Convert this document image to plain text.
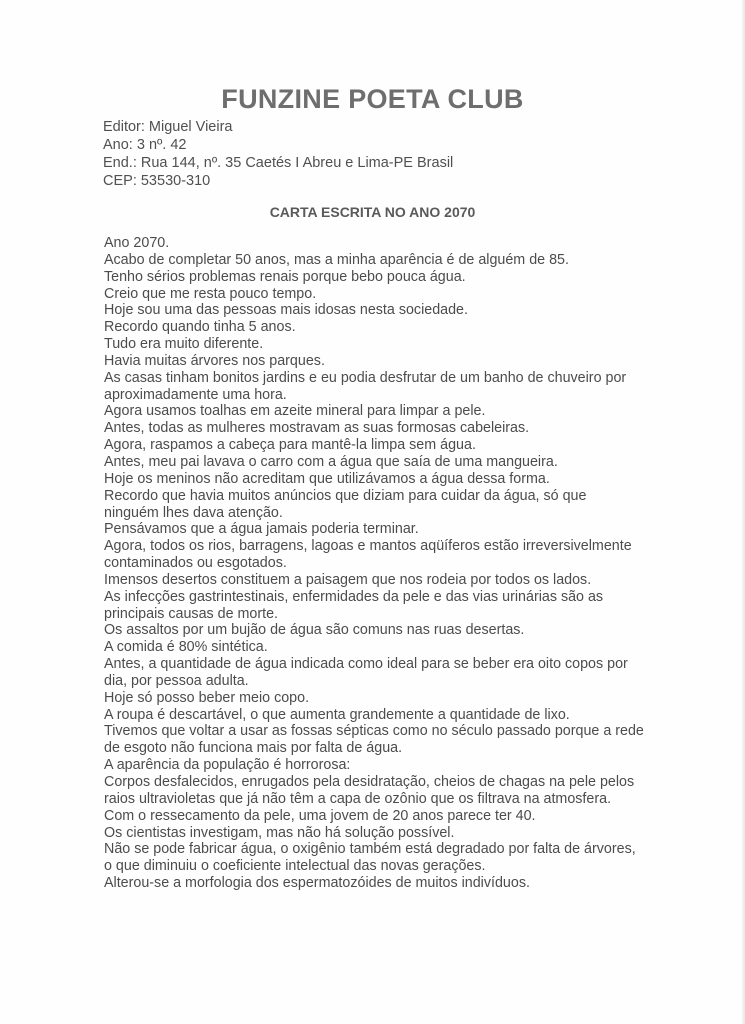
FUNZINE POETA CLUB
Editor: Miguel Vieira
Ano: 3 nº. 42
End.: Rua 144, nº. 35 Caetés I Abreu e Lima-PE Brasil
CEP: 53530-310
CARTA ESCRITA NO ANO 2070

Ano 2070.

Acabo de completar 50 anos, mas a minha aparência é de alguém de 85.

Tenho sérios problemas renais porque bebo pouca água.

Creio que me resta pouco tempo.

Hoje sou uma das pessoas mais idosas nesta sociedade.

Recordo quando tinha 5 anos.

Tudo era muito diferente.

Havia muitas árvores nos parques.

As casas tinham bonitos jardins e eu podia desfrutar de um banho de chuveiro por aproximadamente uma hora.

Agora usamos toalhas em azeite mineral para limpar a pele.

Antes, todas as mulheres mostravam as suas formosas cabeleiras.

Agora, raspamos a cabeça para mantê-la limpa sem água.

Antes, meu pai lavava o carro com a água que saía de uma mangueira.

Hoje os meninos não acreditam que utilizávamos a água dessa forma.

Recordo que havia muitos anúncios que diziam para cuidar da água, só que ninguém lhes dava atenção.

Pensávamos que a água jamais poderia terminar.

Agora, todos os rios, barragens, lagoas e mantos aqüíferos estão irreversivelmente contaminados ou esgotados.

Imensos desertos constituem a paisagem que nos rodeia por todos os lados.

As infecções gastrintestinais, enfermidades da pele e das vias urinárias são as principais causas de morte.

Os assaltos por um bujão de água são comuns nas ruas desertas.

A comida é 80% sintética.

Antes, a quantidade de água indicada como ideal para se beber era oito copos por dia, por pessoa adulta.

Hoje só posso beber meio copo.

A roupa é descartável, o que aumenta grandemente a quantidade de lixo.

Tivemos que voltar a usar as fossas sépticas como no século passado porque a rede de esgoto não funciona mais por falta de água.

A aparência da população é horrorosa:

Corpos desfalecidos, enrugados pela desidratação, cheios de chagas na pele pelos raios ultravioletas que já não têm a capa de ozônio que os filtrava na atmosfera.

Com o ressecamento da pele, uma jovem de 20 anos parece ter 40.

Os cientistas investigam, mas não há solução possível.

Não se pode fabricar água, o oxigênio também está degradado por falta de árvores, o que diminuiu o coeficiente intelectual das novas gerações.

Alterou-se a morfologia dos espermatozóides de muitos indivíduos.
